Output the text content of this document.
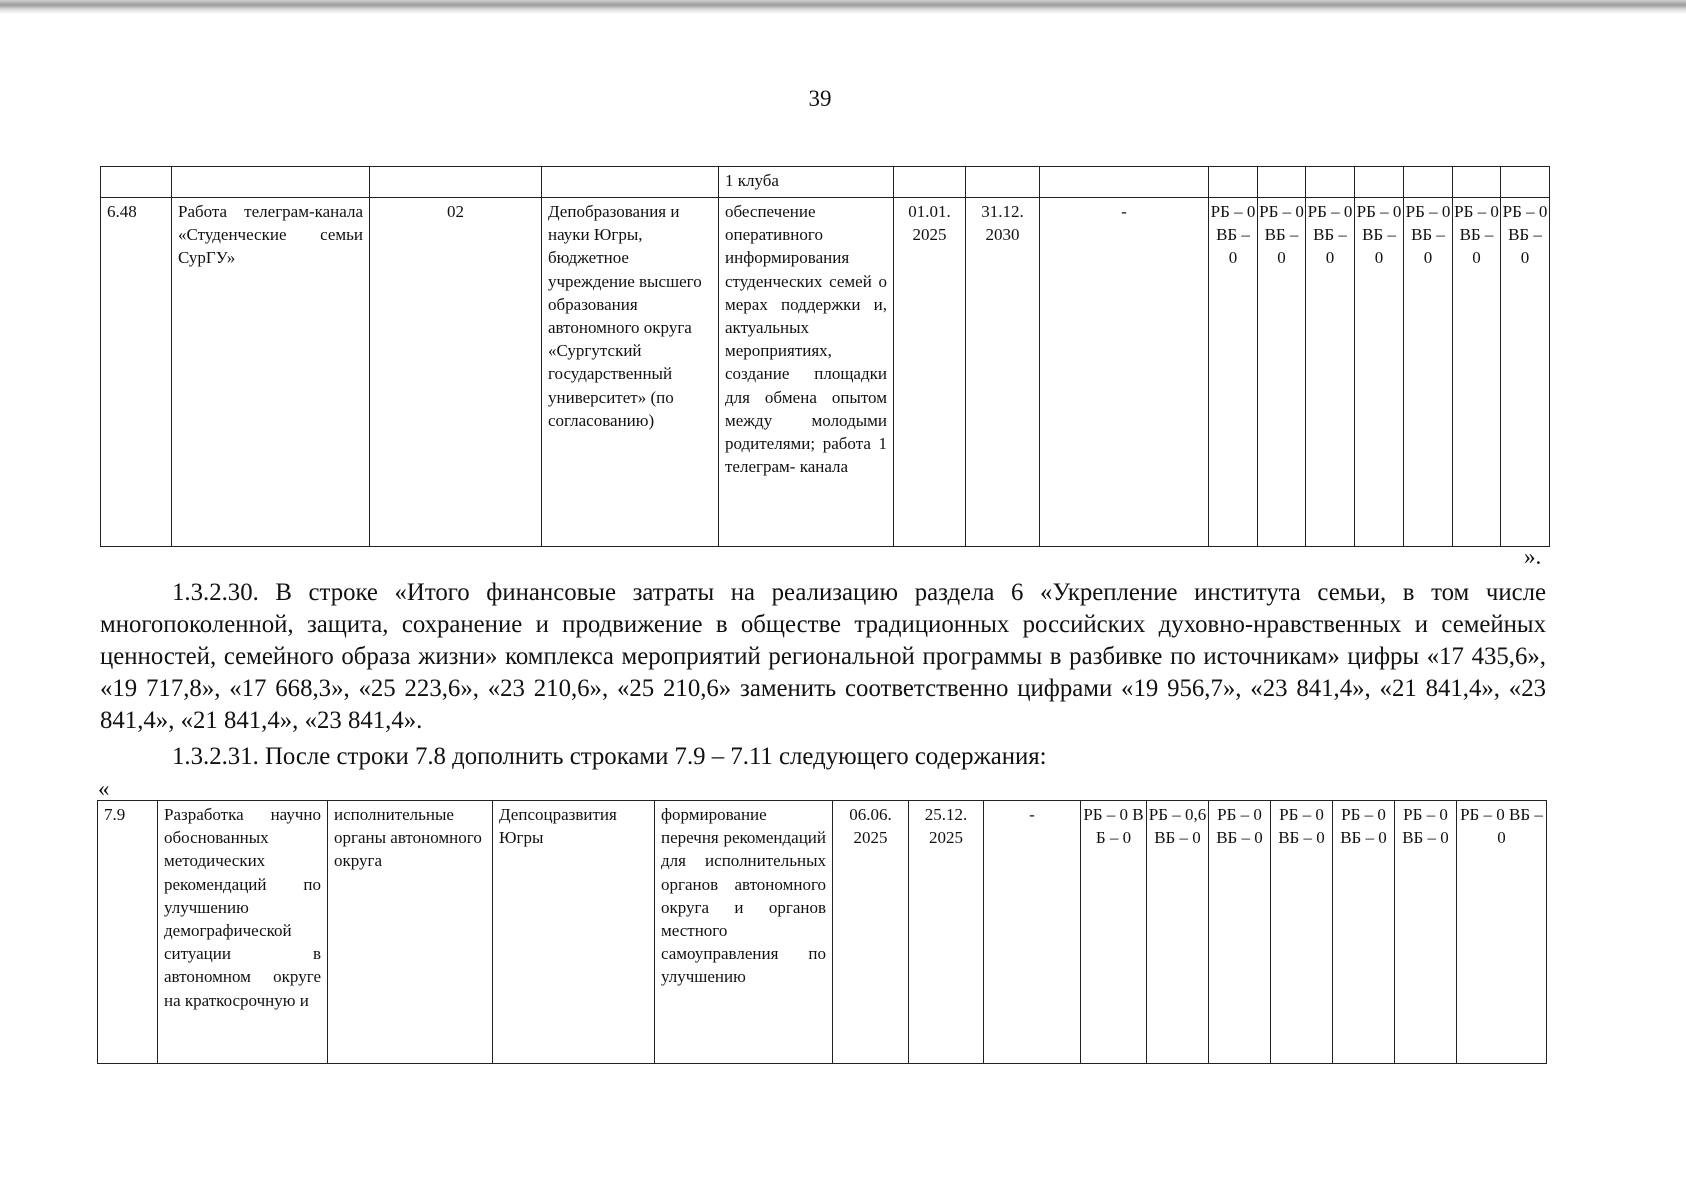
39
				1 клуба										
6.48	Работа телеграм-канала «Студенческие семьи СурГУ»	02	Депобразования и науки Югры, бюджетное учреждение высшего образования автономного округа «Сургутский государственный университет» (по согласованию)	обеспечение оперативного информирования студенческих семей о мерах поддержки и, актуальных мероприятиях, создание площадки для обмена опытом между молодыми родителями; работа 1 телеграм- канала	01.01. 2025	31.12. 2030	-	РБ – 0 ВБ – 0	РБ – 0 ВБ – 0	РБ – 0 ВБ – 0	РБ – 0 ВБ – 0	РБ – 0 ВБ – 0	РБ – 0 ВБ – 0	РБ – 0 ВБ – 0
».

1.3.2.30. В строке «Итого финансовые затраты на реализацию раздела 6 «Укрепление института семьи, в том числе многопоколенной, защита, сохранение и продвижение в обществе традиционных российских духовно-нравственных и семейных ценностей, семейного образа жизни» комплекса мероприятий региональной программы в разбивке по источникам» цифры «17 435,6», «19 717,8», «17 668,3», «25 223,6», «23 210,6», «25 210,6» заменить соответственно цифрами «19 956,7», «23 841,4», «21 841,4», «23 841,4», «21 841,4», «23 841,4».

1.3.2.31. После строки 7.8 дополнить строками 7.9 – 7.11 следующего содержания:

«
7.9	Разработка научно обоснованных методических рекомендаций по улучшению демографической ситуации в автономном округе на краткосрочную и	исполнительные органы автономного округа	Депсоцразвития Югры	формирование перечня рекомендаций для исполнительных органов автономного округа и органов местного самоуправления по улучшению	06.06. 2025	25.12. 2025	-	РБ – 0 ВБ – 0	РБ – 0,6 ВБ – 0	РБ – 0 ВБ – 0	РБ – 0 ВБ – 0	РБ – 0 ВБ – 0	РБ – 0 ВБ – 0	РБ – 0 ВБ – 0
